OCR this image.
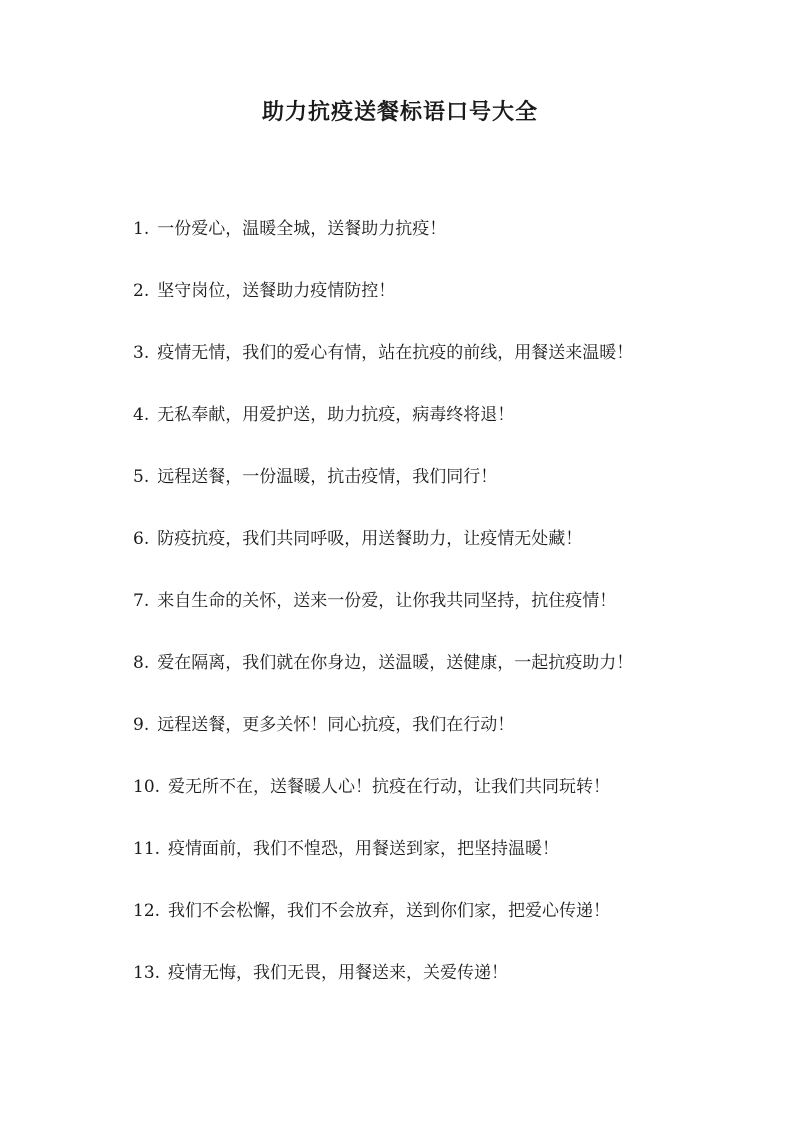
助力抗疫送餐标语口号大全
1. 一份爱心，温暖全城，送餐助力抗疫！
2. 坚守岗位，送餐助力疫情防控！
3. 疫情无情，我们的爱心有情，站在抗疫的前线，用餐送来温暖！
4. 无私奉献，用爱护送，助力抗疫，病毒终将退！
5. 远程送餐，一份温暖，抗击疫情，我们同行！
6. 防疫抗疫，我们共同呼吸，用送餐助力，让疫情无处藏！
7. 来自生命的关怀，送来一份爱，让你我共同坚持，抗住疫情！
8. 爱在隔离，我们就在你身边，送温暖，送健康，一起抗疫助力！
9. 远程送餐，更多关怀！同心抗疫，我们在行动！
10. 爱无所不在，送餐暖人心！抗疫在行动，让我们共同玩转！
11. 疫情面前，我们不惶恐，用餐送到家，把坚持温暖！
12. 我们不会松懈，我们不会放弃，送到你们家，把爱心传递！
13. 疫情无悔，我们无畏，用餐送来，关爱传递！
